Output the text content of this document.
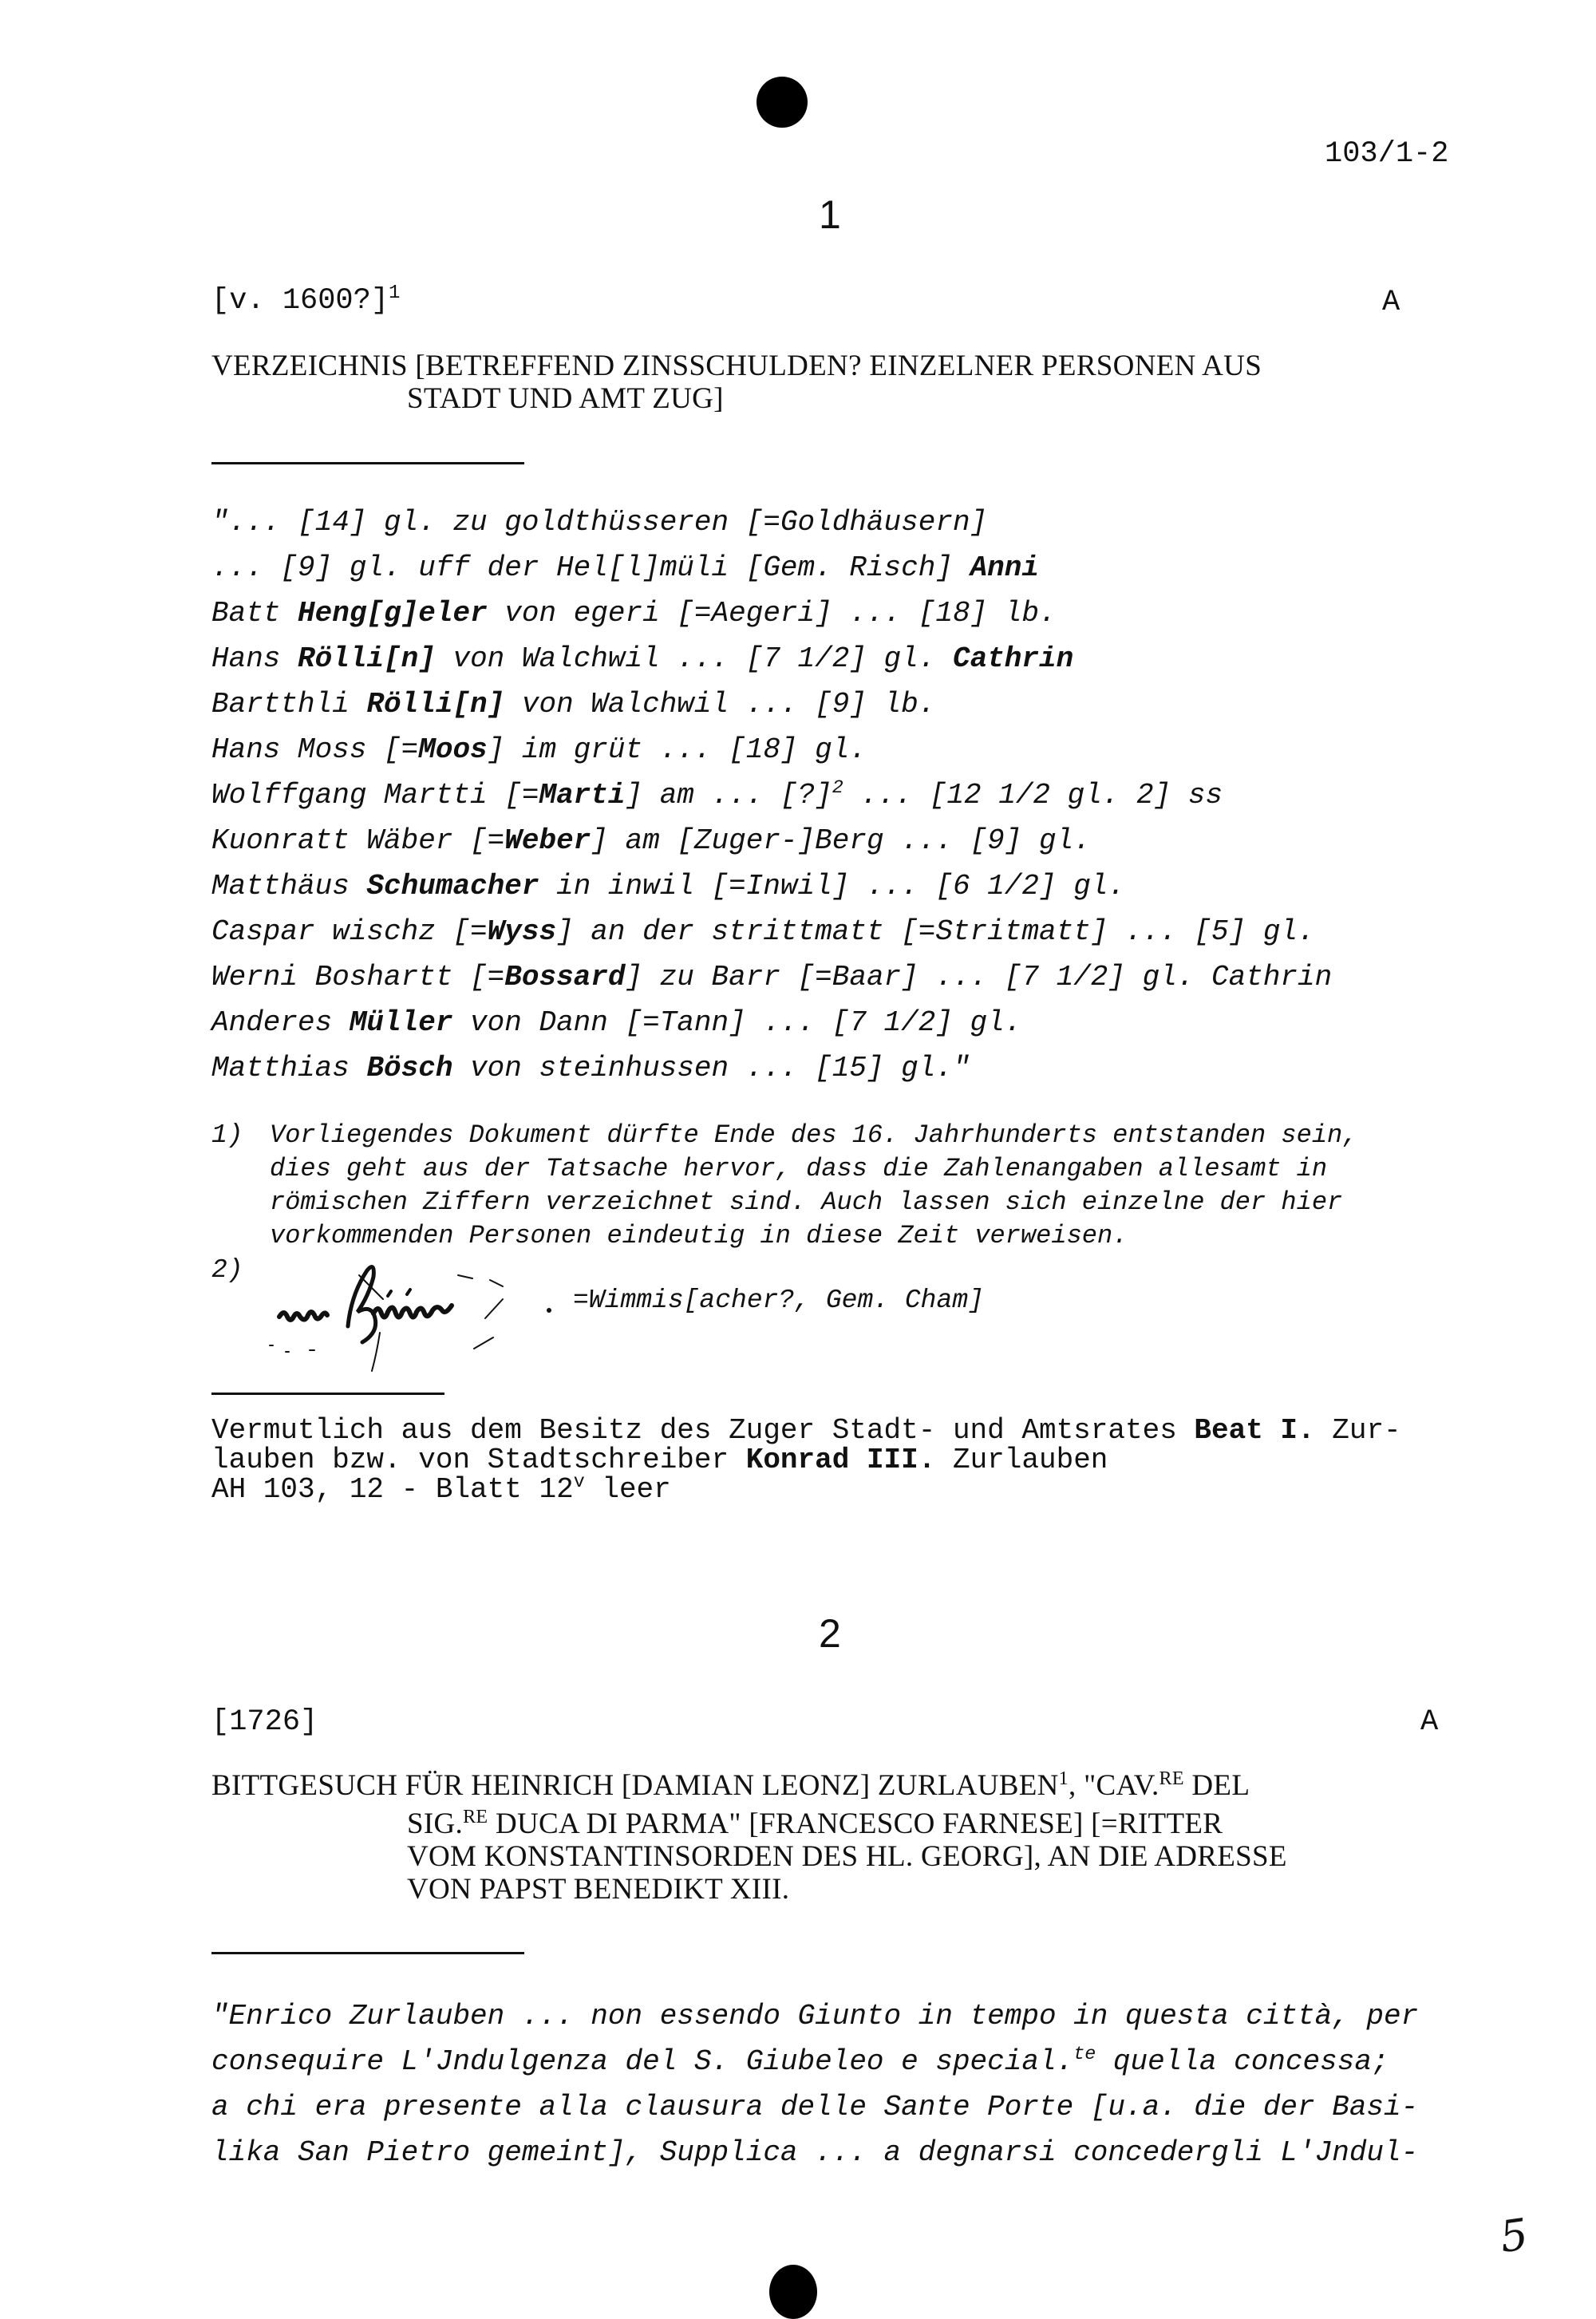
103/1-2
5
1
[v. 1600?]$^1$	A
VERZEICHNIS [BETREFFEND ZINSSCHULDEN? EINZELNER PERSONEN AUS
STADT UND AMT ZUG]
"... [14] gl. zu goldthüsseren [=Goldhäusern]
... [9] gl. uff der Hel[l]müli [Gem. Risch] Anni
Batt Heng[g]eler von egeri [=Aegeri] ... [18] lb.
Hans Rölli[n] von Walchwil ... [7 1/2] gl. Cathrin
Bartthli Rölli[n] von Walchwil ... [9] lb.
Hans Moss [=Moos] im grüt ... [18] gl.
Wolffgang Martti [=Marti] am ... [?]$^2$ ... [12 1/2 gl. 2] ss
Kuonratt Wäber [=Weber] am [Zuger-]Berg ... [9] gl.
Matthäus Schumacher in inwil [=Inwil] ... [6 1/2] gl.
Caspar wischz [=Wyss] an der strittmatt [=Stritmatt] ... [5] gl.
Werni Boshartt [=Bossard] zu Barr [=Baar] ... [7 1/2] gl. Cathrin
Anderes Müller von Dann [=Tann] ... [7 1/2] gl.
Matthias Bösch von steinhussen ... [15] gl."
1) Vorliegendes Dokument dürfte Ende des 16. Jahrhunderts entstanden sein,
dies geht aus der Tatsache hervor, dass die Zahlenangaben allesamt in
römischen Ziffern verzeichnet sind. Auch lassen sich einzelne der hier
vorkommenden Personen eindeutig in diese Zeit verweisen.
2)
=Wimmis[acher?, Gem. Cham]
Vermutlich aus dem Besitz des Zuger Stadt- und Amtsrates Beat I. Zur-
lauben bzw. von Stadtschreiber Konrad III. Zurlauben
AH 103, 12 - Blatt 12$^v$ leer
2
[1726]	A
BITTGESUCH FÜR HEINRICH [DAMIAN LEONZ] ZURLAUBEN$^1$, "CAV.$^{RE}$ DEL
SIG.$^{RE}$ DUCA DI PARMA" [FRANCESCO FARNESE] [=RITTER
VOM KONSTANTINSORDEN DES HL. GEORG], AN DIE ADRESSE
VON PAPST BENEDIKT XIII.
"Enrico Zurlauben ... non essendo Giunto in tempo in questa città, per
consequire L'Jndulgenza del S. Giubeleo e special.$^{te}$ quella concessa;
a chi era presente alla clausura delle Sante Porte [u.a. die der Basi-
lika San Pietro gemeint], Supplica ... a degnarsi concedergli L'Jndul-
